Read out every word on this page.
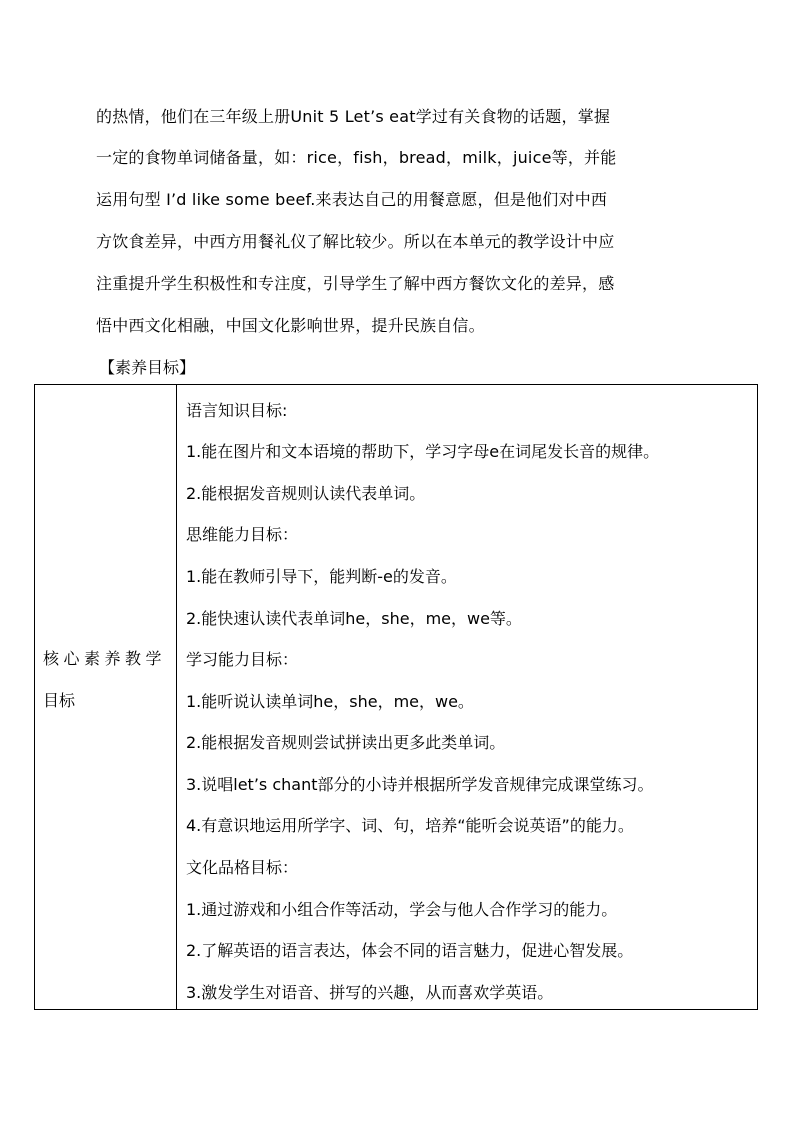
的热情，他们在三年级上册Unit 5 Let’s eat学过有关食物的话题，掌握
一定的食物单词储备量，如：rice，fish，bread，milk，juice等，并能
运用句型 I’d like some beef.来表达自己的用餐意愿，但是他们对中西
方饮食差异，中西方用餐礼仪了解比较少。所以在本单元的教学设计中应
注重提升学生积极性和专注度，引导学生了解中西方餐饮文化的差异，感
悟中西文化相融，中国文化影响世界，提升民族自信。
【素养目标】
核心素养教学
目标
语言知识目标:
1.能在图片和文本语境的帮助下，学习字母e在词尾发长音的规律。
2.能根据发音规则认读代表单词。
思维能力目标：
1.能在教师引导下，能判断-e的发音。
2.能快速认读代表单词he，she，me，we等。
学习能力目标：
1.能听说认读单词he，she，me，we。
2.能根据发音规则尝试拼读出更多此类单词。
3.说唱let’s chant部分的小诗并根据所学发音规律完成课堂练习。
4.有意识地运用所学字、词、句，培养“能听会说英语”的能力。
文化品格目标：
1.通过游戏和小组合作等活动，学会与他人合作学习的能力。
2.了解英语的语言表达，体会不同的语言魅力，促进心智发展。
3.激发学生对语音、拼写的兴趣，从而喜欢学英语。
